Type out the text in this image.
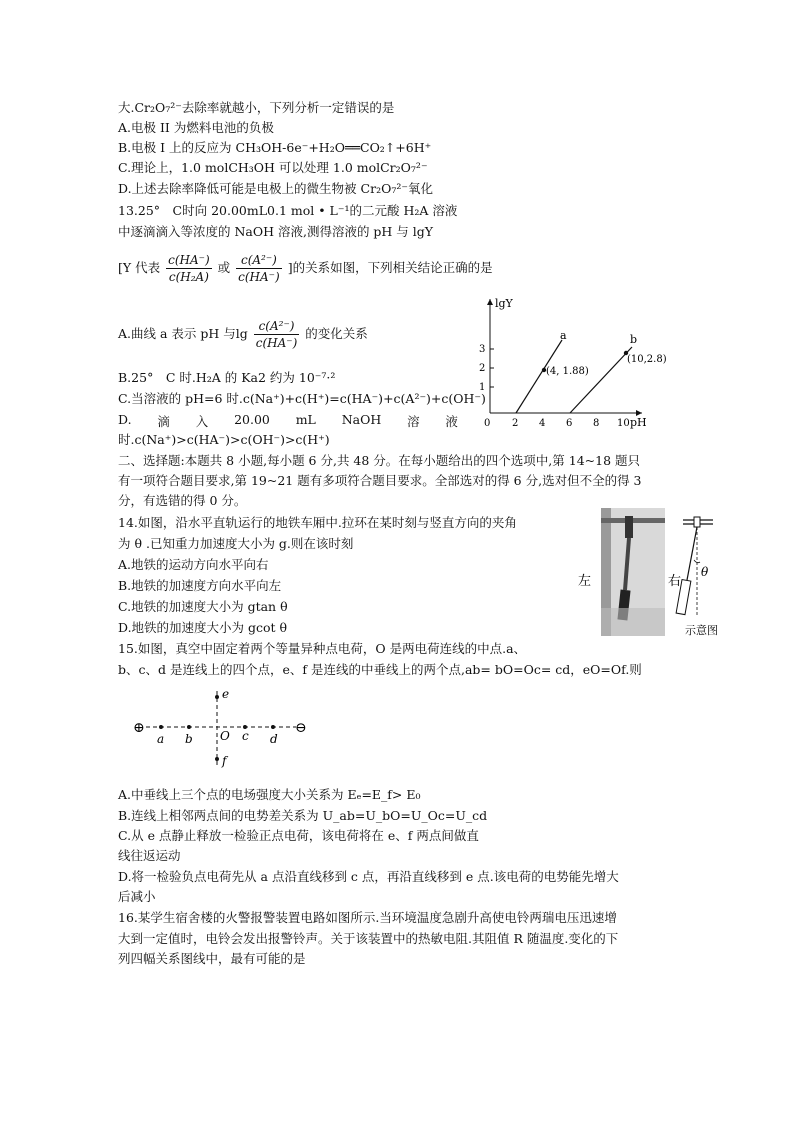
大.Cr₂O₇²⁻去除率就越小，下列分析一定错误的是
A.电极 II 为燃料电池的负极
B.电极 I 上的反应为 CH₃OH-6e⁻+H₂O══CO₂↑+6H⁺
C.理论上，1.0 molCH₃OH 可以处理 1.0 molCr₂O₇²⁻
D.上述去除率降低可能是电极上的微生物被 Cr₂O₇²⁻氧化
13.25°　C时向 20.00mL0.1 mol • L⁻¹的二元酸 H₂A 溶液
中逐滴滴入等浓度的 NaOH 溶液,测得溶液的 pH 与 lgY
[Y 代表 $\frac{c(HA^-)}{\text{c(H₂A)}}$ 或 $\frac{\text{c(A²⁻)}}{c(HA^-)}$ ]的关系如图，下列相关结论正确的是
A.曲线 a 表示 pH 与$\lg \frac{\text{c(A²⁻)}}{c(HA^-)}$ 的变化关系
B.25°　C 时.H₂A 的 Ka2 约为 10⁻⁷·²
C.当溶液的 pH=6 时.c(Na⁺)+c(H⁺)=c(HA⁻)+c(A²⁻)+c(OH⁻)
D. 滴 入 20.00 mL NaOH 溶 液
时.c(Na⁺)>c(HA⁻)>c(OH⁻)>c(H⁺)
lgY
pH
3
2
1
0 2 4 6 8 10
(4, 1.88)
(10,2.8)
a	b
二、选择题:本题共 8 小题,每小题 6 分,共 48 分。在每小题给出的四个选项中,第 14~18 题只
有一项符合题目要求,第 19~21 题有多项符合题目要求。全部选对的得 6 分,选对但不全的得 3
分，有选错的得 0 分。
14.如图，沿水平直轨运行的地铁车厢中.拉环在某时刻与竖直方向的夹角
为 θ .已知重力加速度大小为 g.则在该时刻
A.地铁的运动方向水平向右
B.地铁的加速度方向水平向左
C.地铁的加速度大小为 gtan θ
D.地铁的加速度大小为 gcot θ
左	右
θ
示意图
15.如图，真空中固定着两个等量异种点电荷，O 是两电荷连线的中点.a、
b、c、d 是连线上的四个点，e、f 是连线的中垂线上的两个点,ab= bO=Oc= cd，eO=Of.则
⊕	⊖
e
f
a b O c d
A.中垂线上三个点的电场强度大小关系为 Eₑ=E_f> E₀
B.连线上相邻两点间的电势差关系为 U_ab=U_bO=U_Oc=U_cd
C.从 e 点静止释放一检验正点电荷，该电荷将在 e、f 两点间做直
线往返运动
D.将一检验负点电荷先从 a 点沿直线移到 c 点，再沿直线移到 e 点.该电荷的电势能先增大
后减小
16.某学生宿舍楼的火警报警装置电路如图所示.当环境温度急剧升高使电铃两瑞电压迅速增
大到一定值时，电铃会发出报警铃声。关于该装置中的热敏电阻.其阻值 R 随温度.变化的下
列四幅关系图线中，最有可能的是
